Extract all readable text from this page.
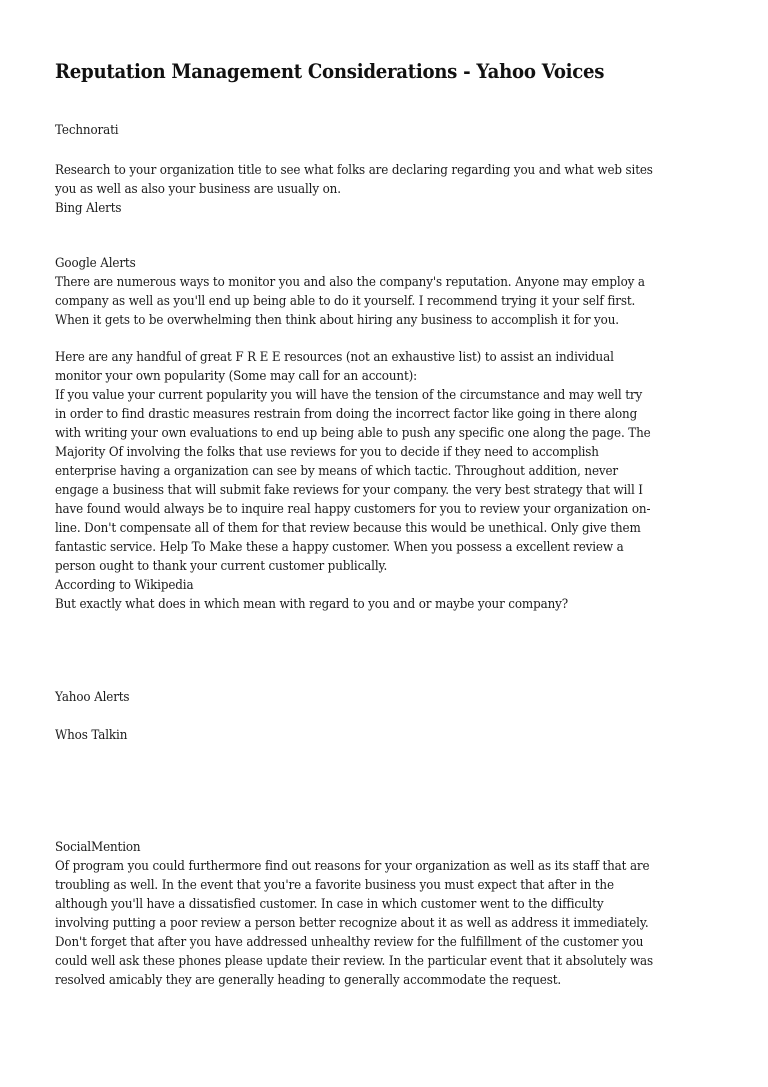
Reputation Management Considerations - Yahoo Voices

Technorati

Research to your organization title to see what folks are declaring regarding you and what web sites
you as well as also your business are usually on.
Bing Alerts

Google Alerts
There are numerous ways to monitor you and also the company's reputation. Anyone may employ a
company as well as you'll end up being able to do it yourself. I recommend trying it your self first.
When it gets to be overwhelming then think about hiring any business to accomplish it for you.

Here are any handful of great F R E E resources (not an exhaustive list) to assist an individual
monitor your own popularity (Some may call for an account):
If you value your current popularity you will have the tension of the circumstance and may well try
in order to find drastic measures restrain from doing the incorrect factor like going in there along
with writing your own evaluations to end up being able to push any specific one along the page. The
Majority Of involving the folks that use reviews for you to decide if they need to accomplish
enterprise having a organization can see by means of which tactic. Throughout addition, never
engage a business that will submit fake reviews for your company. the very best strategy that will I
have found would always be to inquire real happy customers for you to review your organization on-
line. Don't compensate all of them for that review because this would be unethical. Only give them
fantastic service. Help To Make these a happy customer. When you possess a excellent review a
person ought to thank your current customer publically.
According to Wikipedia
But exactly what does in which mean with regard to you and or maybe your company?

Yahoo Alerts

Whos Talkin

SocialMention
Of program you could furthermore find out reasons for your organization as well as its staff that are
troubling as well. In the event that you're a favorite business you must expect that after in the
although you'll have a dissatisfied customer. In case in which customer went to the difficulty
involving putting a poor review a person better recognize about it as well as address it immediately.
Don't forget that after you have addressed unhealthy review for the fulfillment of the customer you
could well ask these phones please update their review. In the particular event that it absolutely was
resolved amicably they are generally heading to generally accommodate the request.
